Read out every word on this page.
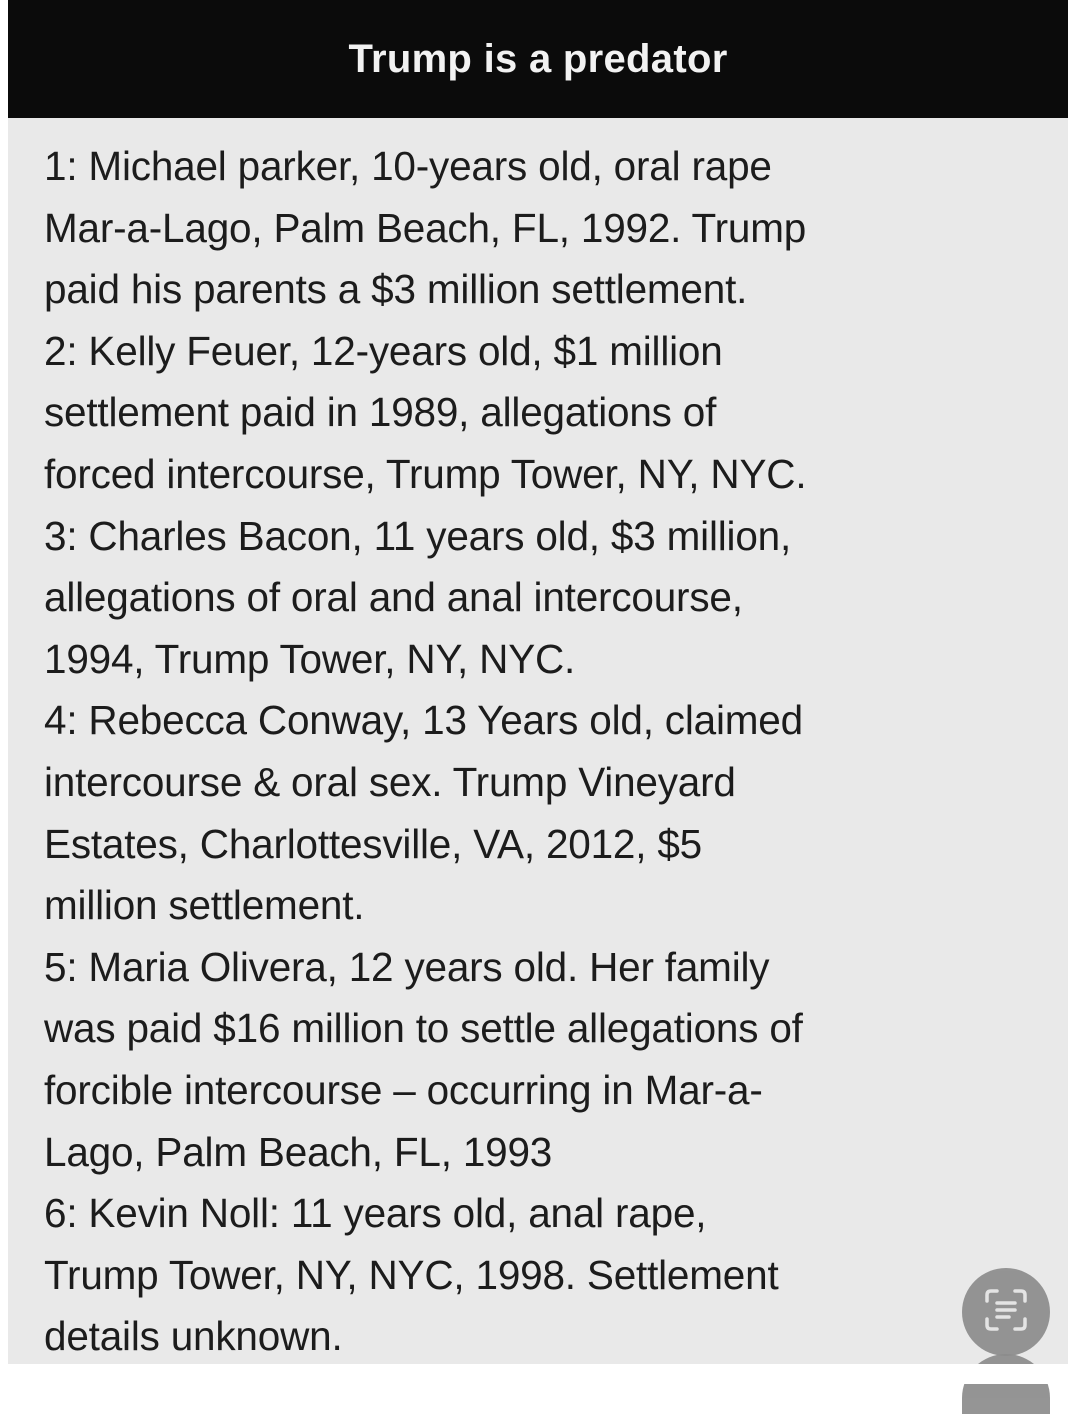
Trump is a predator
1: Michael parker, 10-years old, oral rape
Mar-a-Lago, Palm Beach, FL, 1992. Trump
paid his parents a $3 million settlement.
2: Kelly Feuer, 12-years old, $1 million
settlement paid in 1989, allegations of
forced intercourse, Trump Tower, NY, NYC.
3: Charles Bacon, 11 years old, $3 million,
allegations of oral and anal intercourse,
1994, Trump Tower, NY, NYC.
4: Rebecca Conway, 13 Years old, claimed
intercourse & oral sex. Trump Vineyard
Estates, Charlottesville, VA, 2012, $5
million settlement.
5: Maria Olivera, 12 years old. Her family
was paid $16 million to settle allegations of
forcible intercourse – occurring in Mar-a-
Lago, Palm Beach, FL, 1993
6: Kevin Noll: 11 years old, anal rape,
Trump Tower, NY, NYC, 1998. Settlement
details unknown.
